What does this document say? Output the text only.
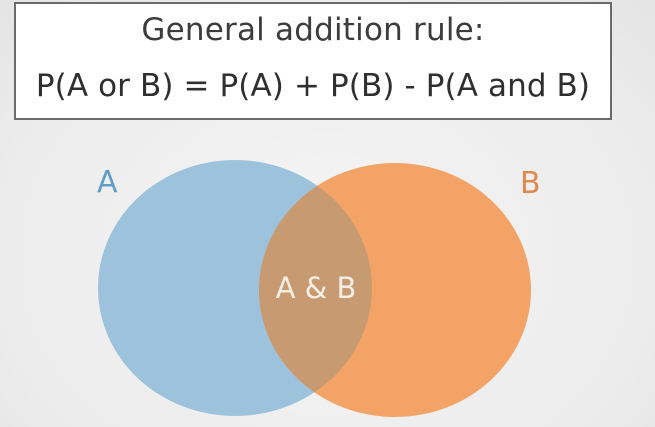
General addition rule:
P(A or B) = P(A) + P(B) - P(A and B)
A	B
A & B
